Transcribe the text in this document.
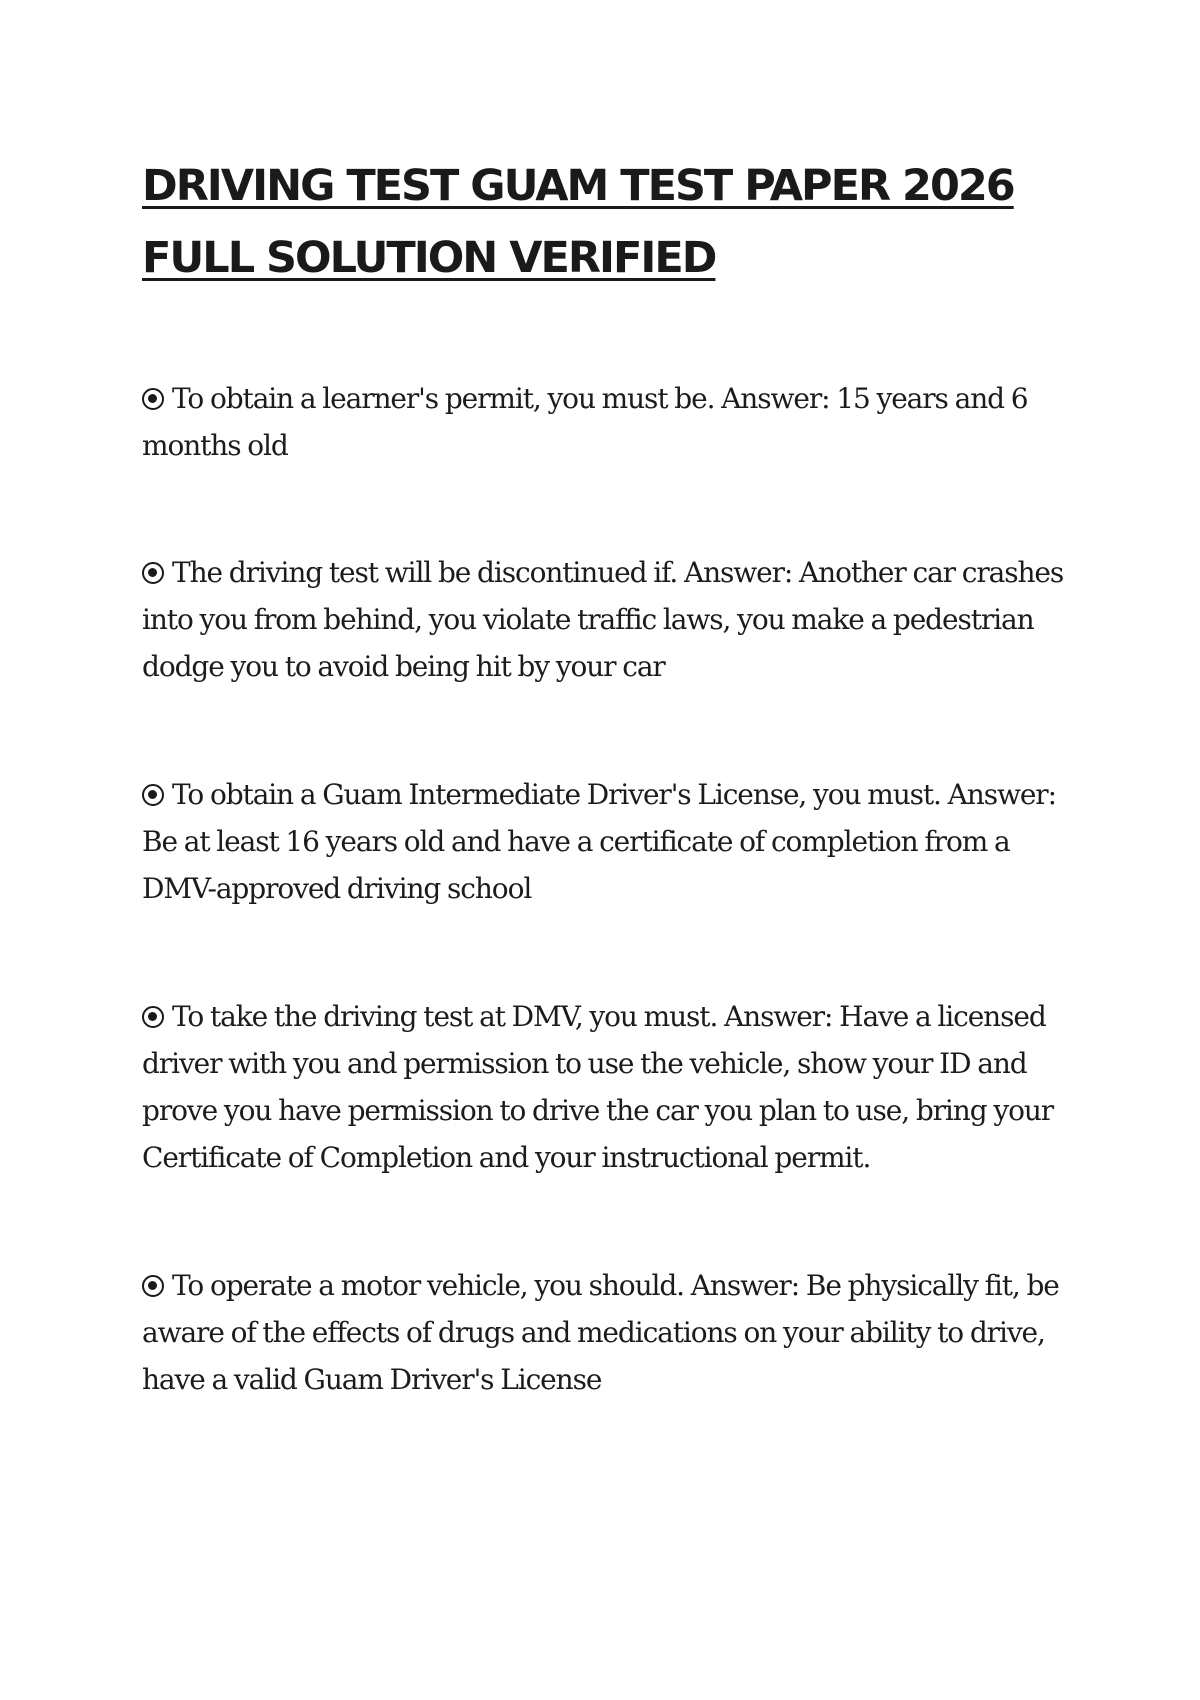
DRIVING TEST GUAM TEST PAPER 2026 FULL SOLUTION VERIFIED
To obtain a learner's permit, you must be. Answer: 15 years and 6 months old
The driving test will be discontinued if. Answer: Another car crashes into you from behind, you violate traffic laws, you make a pedestrian dodge you to avoid being hit by your car
To obtain a Guam Intermediate Driver's License, you must. Answer: Be at least 16 years old and have a certificate of completion from a DMV-approved driving school
To take the driving test at DMV, you must. Answer: Have a licensed driver with you and permission to use the vehicle, show your ID and prove you have permission to drive the car you plan to use, bring your Certificate of Completion and your instructional permit.
To operate a motor vehicle, you should. Answer: Be physically fit, be aware of the effects of drugs and medications on your ability to drive, have a valid Guam Driver's License
